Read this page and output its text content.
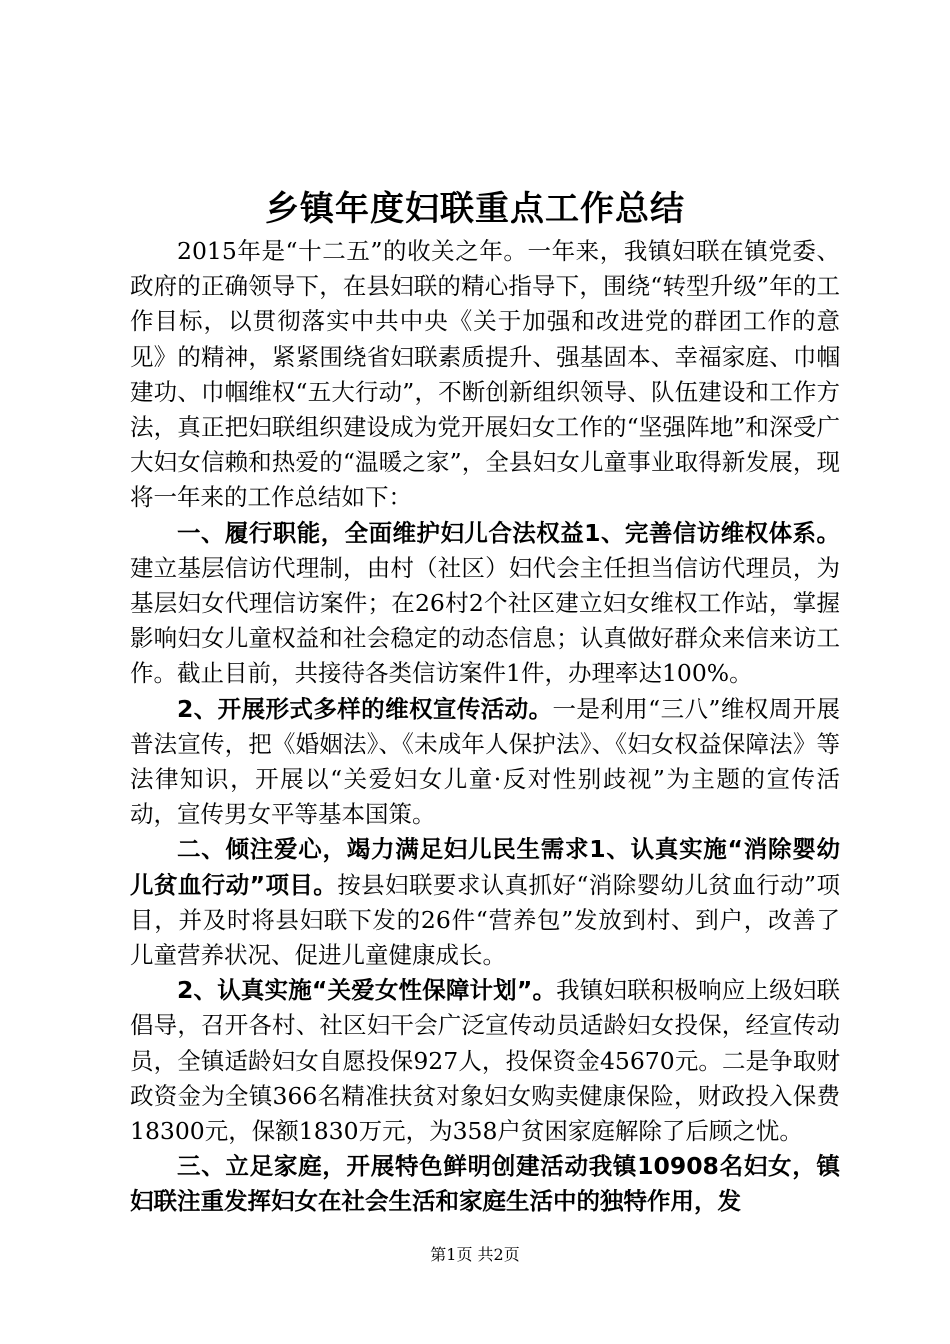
乡镇年度妇联重点工作总结

2015年是“十二五”的收关之年。一年来，我镇妇联在镇党委、政府的正确领导下，在县妇联的精心指导下，围绕“转型升级”年的工作目标，以贯彻落实中共中央《关于加强和改进党的群团工作的意见》的精神，紧紧围绕省妇联素质提升、强基固本、幸福家庭、巾帼建功、巾帼维权“五大行动”，不断创新组织领导、队伍建设和工作方法，真正把妇联组织建设成为党开展妇女工作的“坚强阵地”和深受广大妇女信赖和热爱的“温暖之家”，全县妇女儿童事业取得新发展，现将一年来的工作总结如下：

一、履行职能，全面维护妇儿合法权益1、完善信访维权体系。建立基层信访代理制，由村（社区）妇代会主任担当信访代理员，为基层妇女代理信访案件；在26村2个社区建立妇女维权工作站，掌握影响妇女儿童权益和社会稳定的动态信息；认真做好群众来信来访工作。截止目前，共接待各类信访案件1件，办理率达100%。

2、开展形式多样的维权宣传活动。一是利用“三八”维权周开展普法宣传，把《婚姻法》、《未成年人保护法》、《妇女权益保障法》等法律知识，开展以“关爱妇女儿童·反对性别歧视”为主题的宣传活动，宣传男女平等基本国策。

二、倾注爱心，竭力满足妇儿民生需求1、认真实施“消除婴幼儿贫血行动”项目。按县妇联要求认真抓好“消除婴幼儿贫血行动”项目，并及时将县妇联下发的26件“营养包”发放到村、到户，改善了儿童营养状况、促进儿童健康成长。

2、认真实施“关爱女性保障计划”。我镇妇联积极响应上级妇联倡导，召开各村、社区妇干会广泛宣传动员适龄妇女投保，经宣传动员，全镇适龄妇女自愿投保927人，投保资金45670元。二是争取财政资金为全镇366名精准扶贫对象妇女购卖健康保险，财政投入保费18300元，保额1830万元，为358户贫困家庭解除了后顾之忧。

三、立足家庭，开展特色鲜明创建活动我镇10908名妇女，镇妇联注重发挥妇女在社会生活和家庭生活中的独特作用，发

第1页 共2页
